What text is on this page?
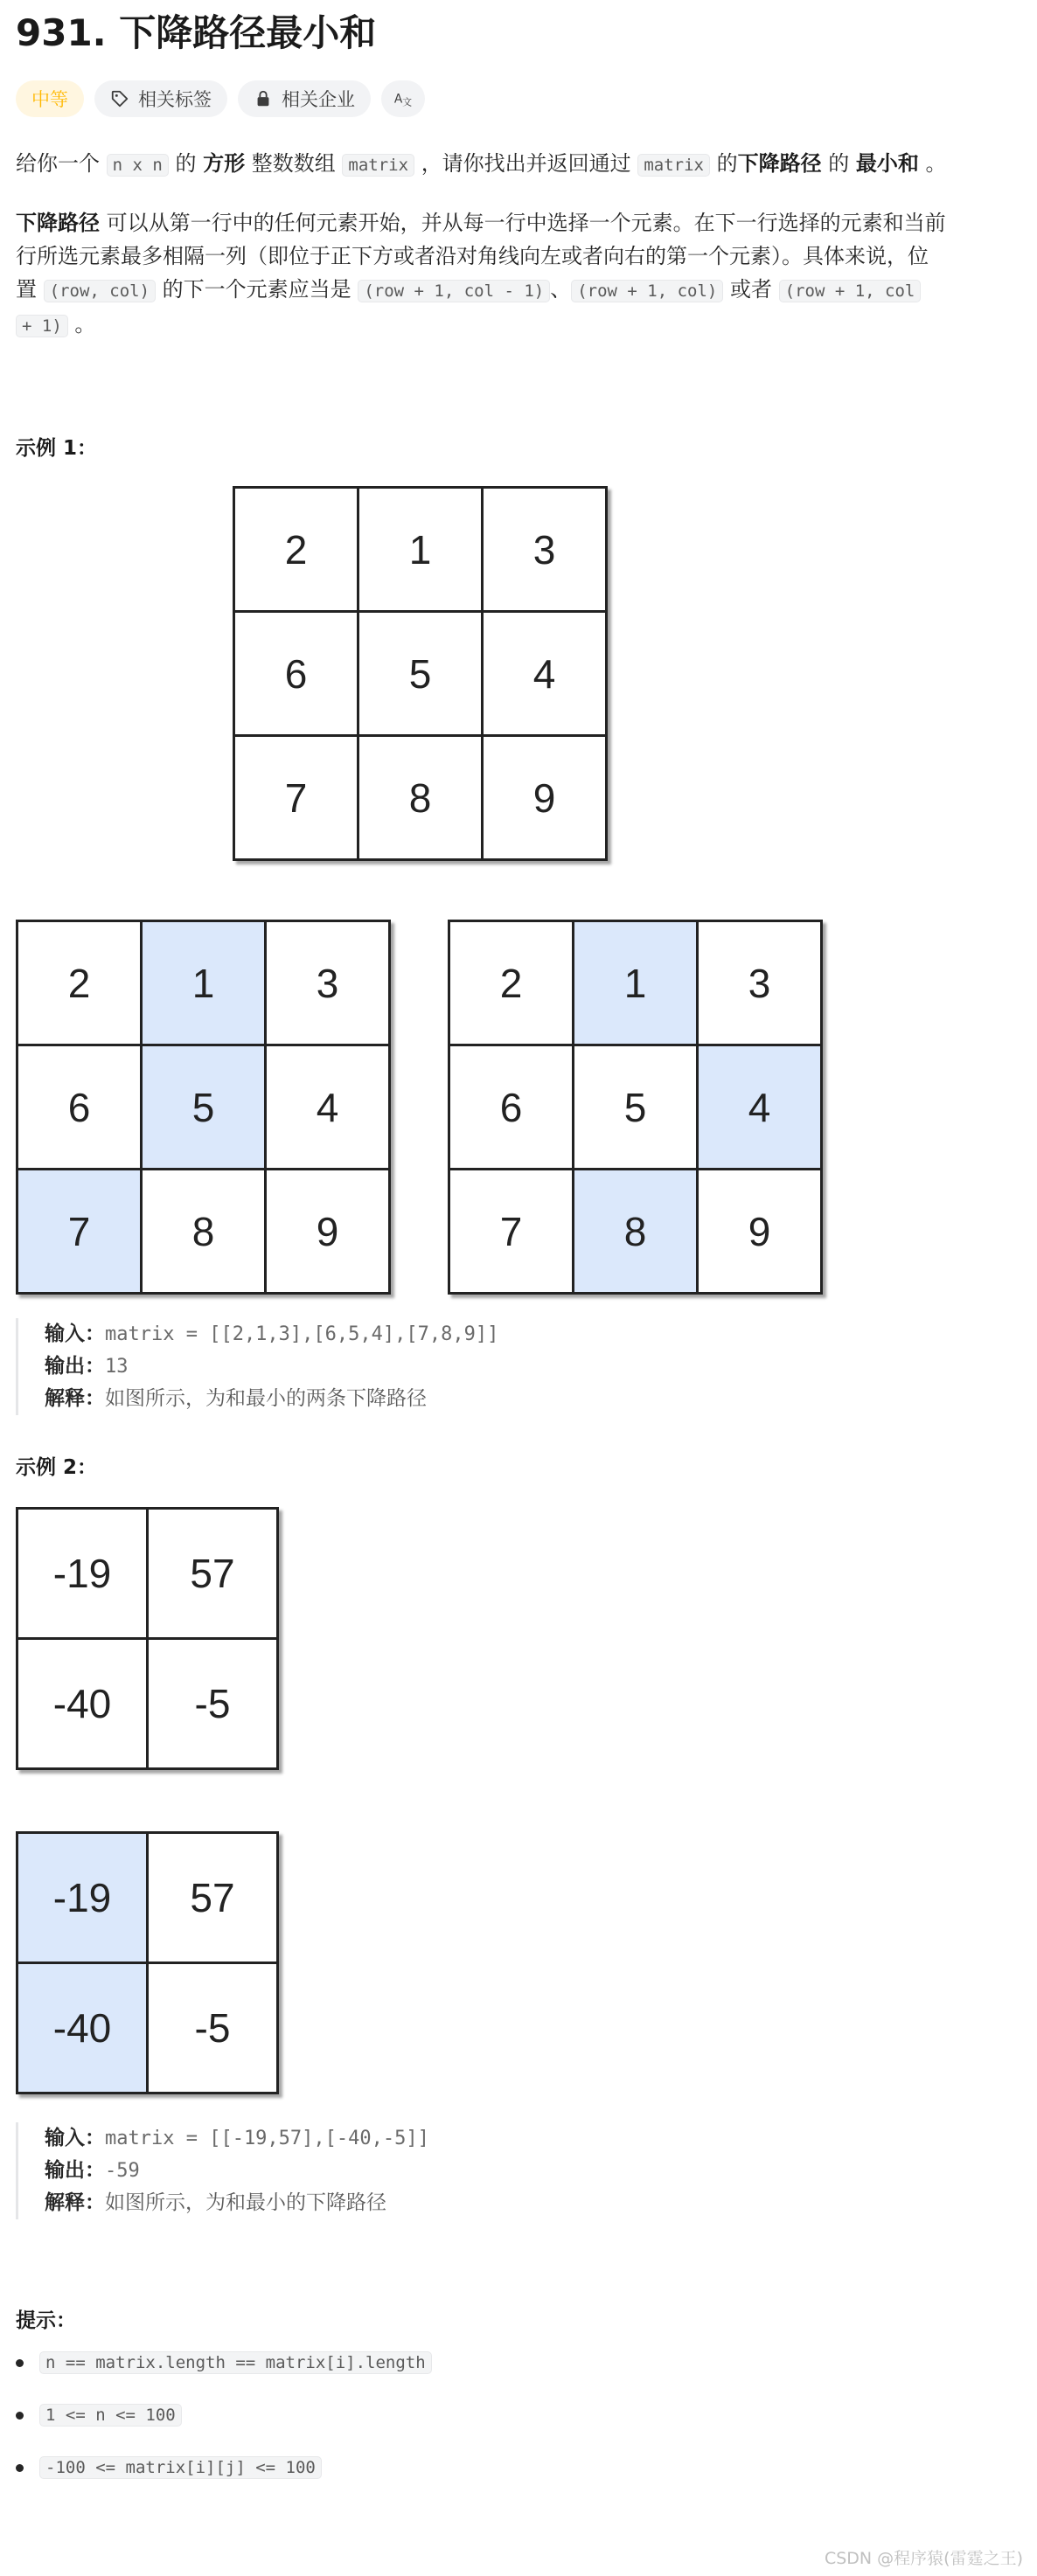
931. 下降路径最小和
中等	相关标签	相关企业	A 文
给你一个 n x n 的 方形 整数数组 matrix ，请你找出并返回通过 matrix 的下降路径 的 最小和 。
下降路径 可以从第一行中的任何元素开始，并从每一行中选择一个元素。在下一行选择的元素和当前
行所选元素最多相隔一列（即位于正下方或者沿对角线向左或者向右的第一个元素）。具体来说，位
置 (row, col) 的下一个元素应当是 (row + 1, col - 1) 、 (row + 1, col) 或者 (row + 1, col
+ 1) 。
示例 1：
2	1	3
6	5	4
7	8	9
2	1	3
6	5	4
7	8	9
2	1	3
6	5	4
7	8	9
输入：matrix = [[2,1,3],[6,5,4],[7,8,9]]
输出：13
解释：如图所示，为和最小的两条下降路径
示例 2：
-19	57
-40	-5
-19	57
-40	-5
输入：matrix = [[-19,57],[-40,-5]]
输出：-59
解释：如图所示，为和最小的下降路径
提示：
n == matrix.length == matrix[i].length
1 <= n <= 100
-100 <= matrix[i][j] <= 100
CSDN @程序猿(雷霆之王)
